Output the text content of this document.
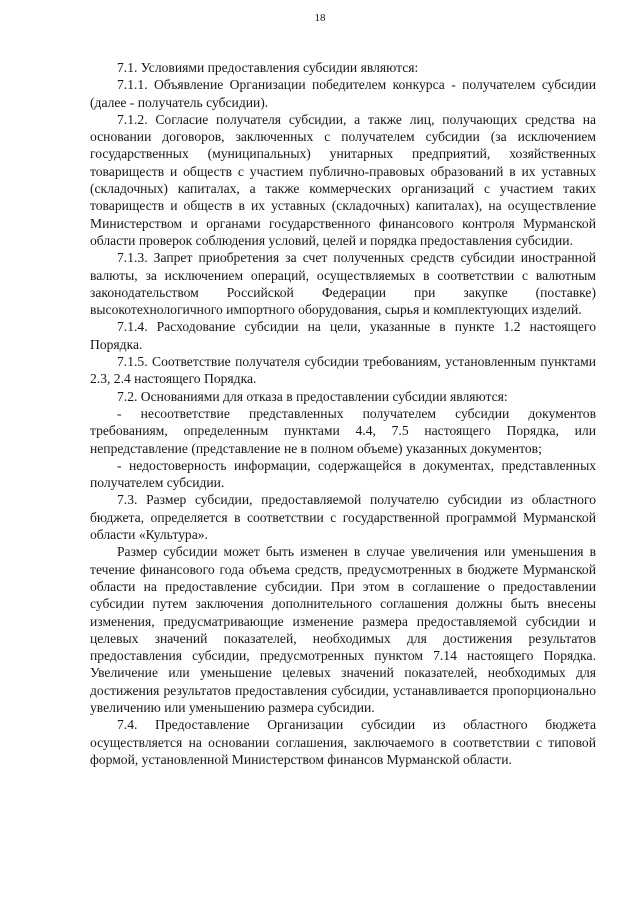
18

7.1. Условиями предоставления субсидии являются:

7.1.1. Объявление Организации победителем конкурса - получателем субсидии (далее - получатель субсидии).

7.1.2. Согласие получателя субсидии, а также лиц, получающих средства на основании договоров, заключенных с получателем субсидии (за исключением государственных (муниципальных) унитарных предприятий, хозяйственных товариществ и обществ с участием публично-правовых образований в их уставных (складочных) капиталах, а также коммерческих организаций с участием таких товариществ и обществ в их уставных (складочных) капиталах), на осуществление Министерством и органами государственного финансового контроля Мурманской области проверок соблюдения условий, целей и порядка предоставления субсидии.

7.1.3. Запрет приобретения за счет полученных средств субсидии иностранной валюты, за исключением операций, осуществляемых в соответствии с валютным законодательством Российской Федерации при закупке (поставке) высокотехнологичного импортного оборудования, сырья и комплектующих изделий.

7.1.4. Расходование субсидии на цели, указанные в пункте 1.2 настоящего Порядка.

7.1.5. Соответствие получателя субсидии требованиям, установленным пунктами 2.3, 2.4 настоящего Порядка.

7.2. Основаниями для отказа в предоставлении субсидии являются:

- несоответствие представленных получателем субсидии документов требованиям, определенным пунктами 4.4, 7.5 настоящего Порядка, или непредставление (представление не в полном объеме) указанных документов;

- недостоверность информации, содержащейся в документах, представленных получателем субсидии.

7.3. Размер субсидии, предоставляемой получателю субсидии из областного бюджета, определяется в соответствии с государственной программой Мурманской области «Культура».

Размер субсидии может быть изменен в случае увеличения или уменьшения в течение финансового года объема средств, предусмотренных в бюджете Мурманской области на предоставление субсидии. При этом в соглашение о предоставлении субсидии путем заключения дополнительного соглашения должны быть внесены изменения, предусматривающие изменение размера предоставляемой субсидии и целевых значений показателей, необходимых для достижения результатов предоставления субсидии, предусмотренных пунктом 7.14 настоящего Порядка. Увеличение или уменьшение целевых значений показателей, необходимых для достижения результатов предоставления субсидии, устанавливается пропорционально увеличению или уменьшению размера субсидии.

7.4. Предоставление Организации субсидии из областного бюджета осуществляется на основании соглашения, заключаемого в соответствии с типовой формой, установленной Министерством финансов Мурманской области.
